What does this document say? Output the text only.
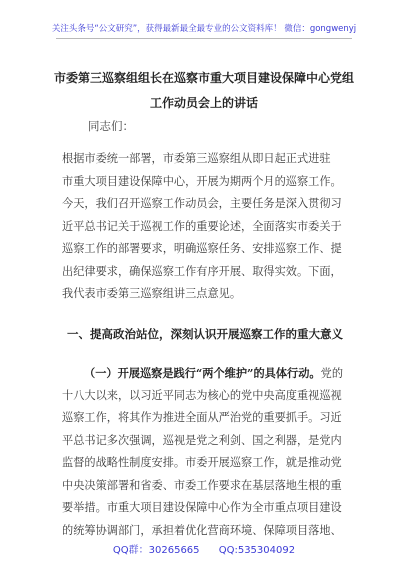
关注头条号“公文研究”，获得最新最全最专业的公文资料库！ 微信：gongwenyj
市委第三巡察组组长在巡察市重大项目建设保障中心党组
工作动员会上的讲话
同志们：
根据市委统一部署，市委第三巡察组从即日起正式进驻
市重大项目建设保障中心，开展为期两个月的巡察工作。
今天，我们召开巡察工作动员会，主要任务是深入贯彻习
近平总书记关于巡视工作的重要论述，全面落实市委关于
巡察工作的部署要求，明确巡察任务、安排巡察工作、提
出纪律要求，确保巡察工作有序开展、取得实效。下面，
我代表市委第三巡察组讲三点意见。
一、提高政治站位，深刻认识开展巡察工作的重大意义
（一）开展巡察是践行“两个维护”的具体行动。党的
十八大以来，以习近平同志为核心的党中央高度重视巡视
巡察工作，将其作为推进全面从严治党的重要抓手。习近
平总书记多次强调，巡视是党之利剑、国之利器，是党内
监督的战略性制度安排。市委开展巡察工作，就是推动党
中央决策部署和省委、市委工作要求在基层落地生根的重
要举措。市重大项目建设保障中心作为全市重点项目建设
的统筹协调部门，承担着优化营商环境、保障项目落地、
QQ群：30265665 QQ:535304092
